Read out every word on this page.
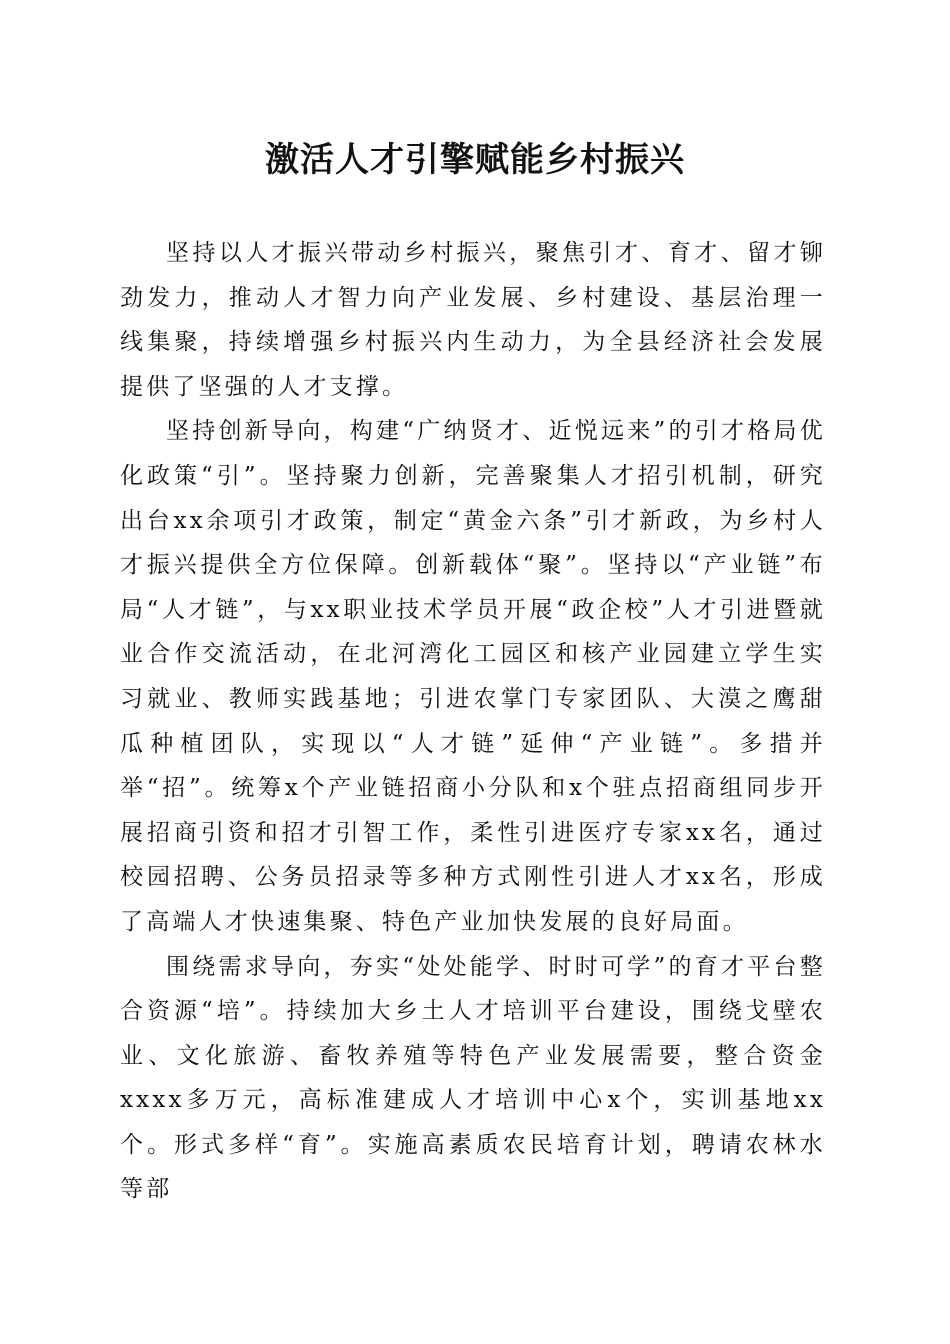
激活人才引擎赋能乡村振兴

坚持以人才振兴带动乡村振兴，聚焦引才、育才、留才铆劲发力，推动人才智力向产业发展、乡村建设、基层治理一线集聚，持续增强乡村振兴内生动力，为全县经济社会发展提供了坚强的人才支撑。

坚持创新导向，构建“广纳贤才、近悦远来”的引才格局优化政策“引”。坚持聚力创新，完善聚集人才招引机制，研究出台xx余项引才政策，制定“黄金六条”引才新政，为乡村人才振兴提供全方位保障。创新载体“聚”。坚持以“产业链”布局“人才链”，与xx职业技术学员开展“政企校”人才引进暨就业合作交流活动，在北河湾化工园区和核产业园建立学生实习就业、教师实践基地；引进农掌门专家团队、大漠之鹰甜瓜种植团队，实现以“人才链”延伸“产业链”。多措并举“招”。统筹x个产业链招商小分队和x个驻点招商组同步开展招商引资和招才引智工作，柔性引进医疗专家xx名，通过校园招聘、公务员招录等多种方式刚性引进人才xx名，形成了高端人才快速集聚、特色产业加快发展的良好局面。

围绕需求导向，夯实“处处能学、时时可学”的育才平台整合资源“培”。持续加大乡土人才培训平台建设，围绕戈壁农业、文化旅游、畜牧养殖等特色产业发展需要，整合资金xxxx多万元，高标准建成人才培训中心x个，实训基地xx个。形式多样“育”。实施高素质农民培育计划，聘请农林水等部
